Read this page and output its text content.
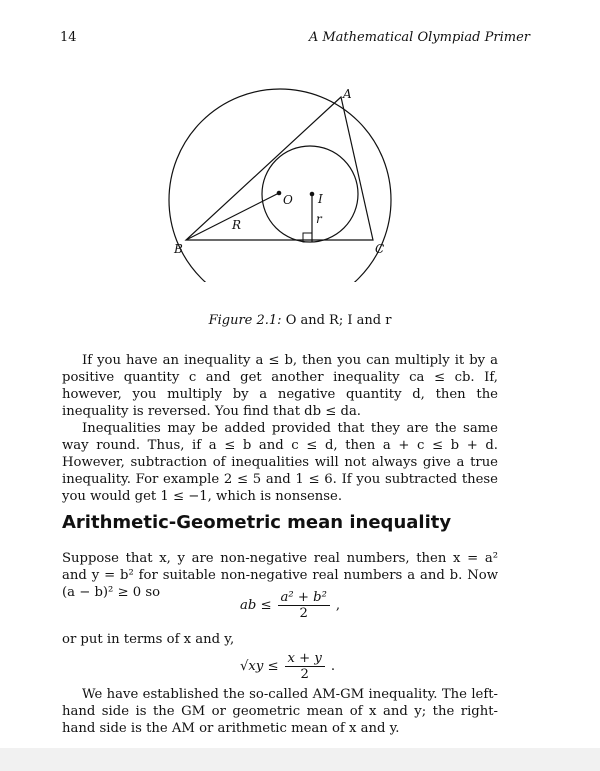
14	A Mathematical Olympiad Primer
A
B	C
O I
R	r
Figure 2.1: O and R; I and r

If you have an inequality a ≤ b, then you can multiply it by a positive quantity c and get another inequality ca ≤ cb. If, however, you multiply by a negative quantity d, then the inequality is reversed. You find that db ≤ da.

Inequalities may be added provided that they are the same way round. Thus, if a ≤ b and c ≤ d, then a + c ≤ b + d. However, subtraction of inequalities will not always give a true inequality. For example 2 ≤ 5 and 1 ≤ 6. If you subtracted these you would get 1 ≤ −1, which is nonsense.

Arithmetic-Geometric mean inequality

Suppose that x, y are non-negative real numbers, then x = a² and y = b² for suitable non-negative real numbers a and b. Now (a − b)² ≥ 0 so

ab ≤ $\frac{\text{a² + b²}}{2}$ ,

or put in terms of x and y,

$√xy \le \frac{x + y}{2}$ .

We have established the so-called AM-GM inequality. The left-hand side is the GM or geometric mean of x and y; the right-hand side is the AM or arithmetic mean of x and y.
